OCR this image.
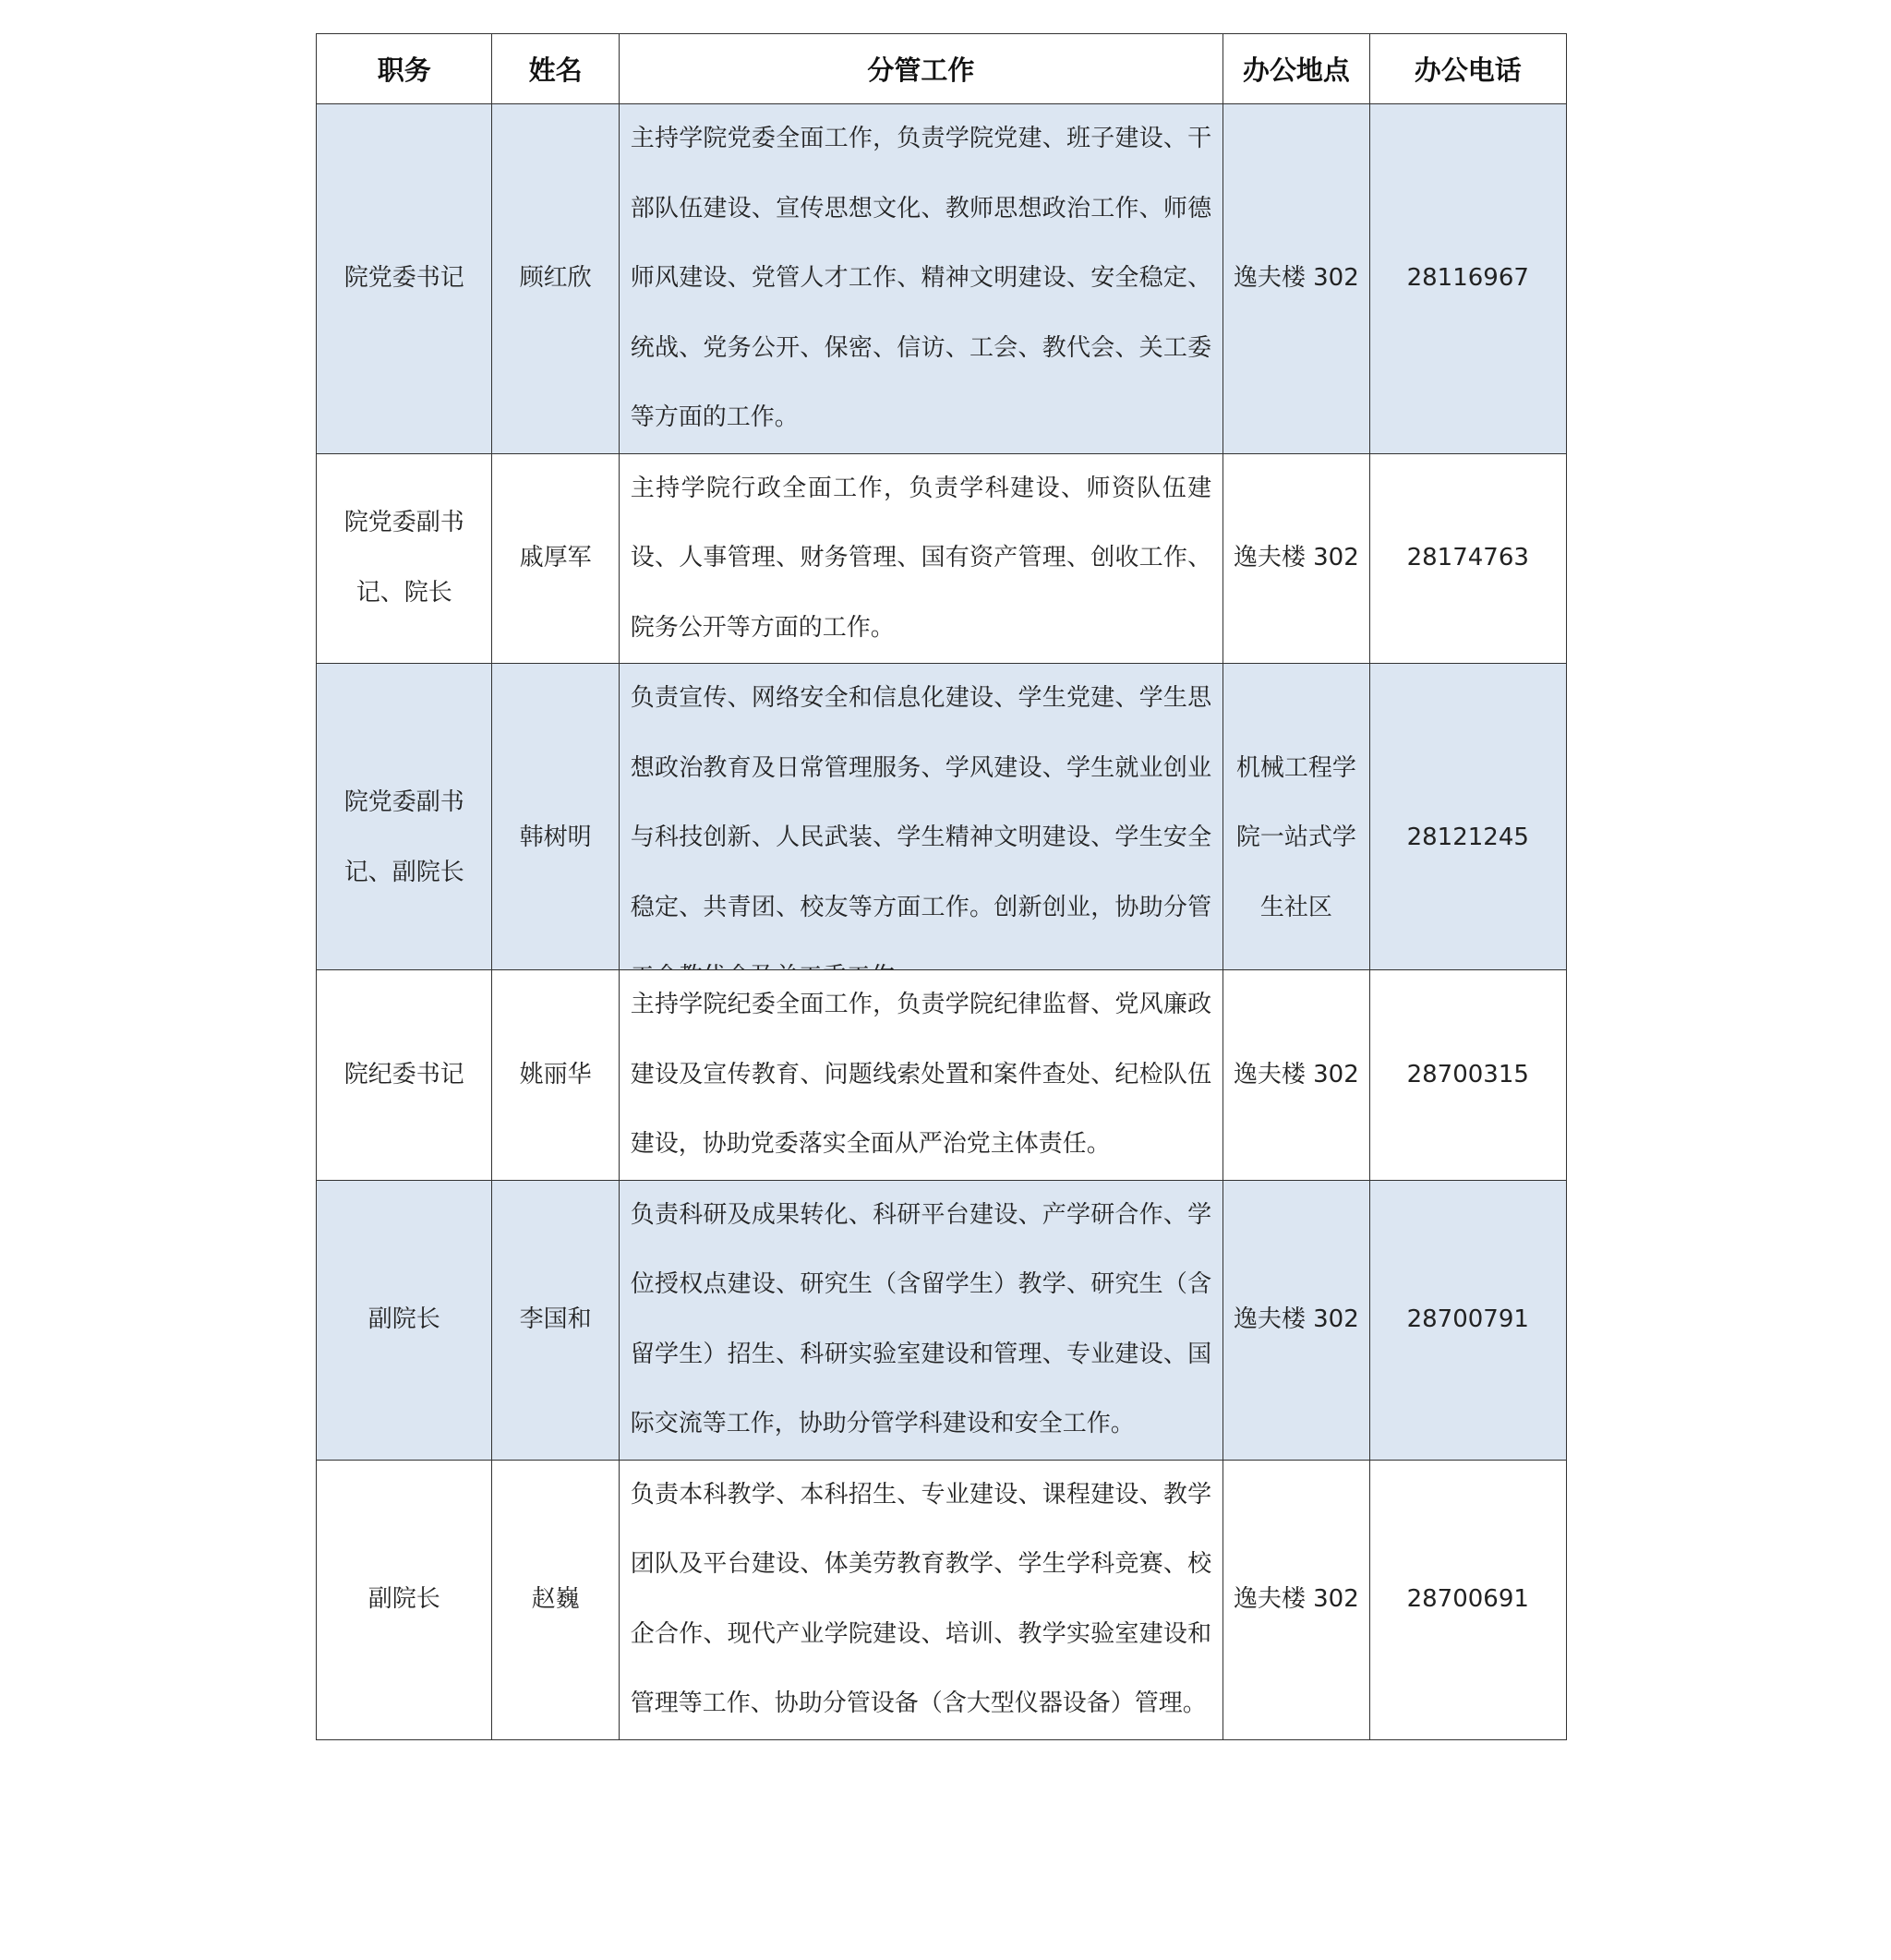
职务	姓名	分管工作	办公地点	办公电话
院党委书记	顾红欣	主持学院党委全面工作，负责学院党建、班子建设、干部队伍建设、宣传思想文化、教师思想政治工作、师德师风建设、党管人才工作、精神文明建设、安全稳定、统战、党务公开、保密、信访、工会、教代会、关工委等方面的工作。	逸夫楼 302	28116967
院党委副书记、院长	戚厚军	主持学院行政全面工作，负责学科建设、师资队伍建设、人事管理、财务管理、国有资产管理、创收工作、院务公开等方面的工作。	逸夫楼 302	28174763
院党委副书记、副院长	韩树明	负责宣传、网络安全和信息化建设、学生党建、学生思想政治教育及日常管理服务、学风建设、学生就业创业与科技创新、人民武装、学生精神文明建设、学生安全稳定、共青团、校友等方面工作。创新创业，协助分管	机械工程学院一站式学生社区	28121245
院纪委书记	姚丽华	主持学院纪委全面工作，负责学院纪律监督、党风廉政建设及宣传教育、问题线索处置和案件查处、纪检队伍建设，协助党委落实全面从严治党主体责任。	逸夫楼 302	28700315
副院长	李国和	负责科研及成果转化、科研平台建设、产学研合作、学位授权点建设、研究生（含留学生）教学、研究生（含留学生）招生、科研实验室建设和管理、专业建设、国际交流等工作，协助分管学科建设和安全工作。	逸夫楼 302	28700791
副院长	赵巍	负责本科教学、本科招生、专业建设、课程建设、教学团队及平台建设、体美劳教育教学、学生学科竞赛、校企合作、现代产业学院建设、培训、教学实验室建设和管理等工作、协助分管设备（含大型仪器设备）管理。	逸夫楼 302	28700691
